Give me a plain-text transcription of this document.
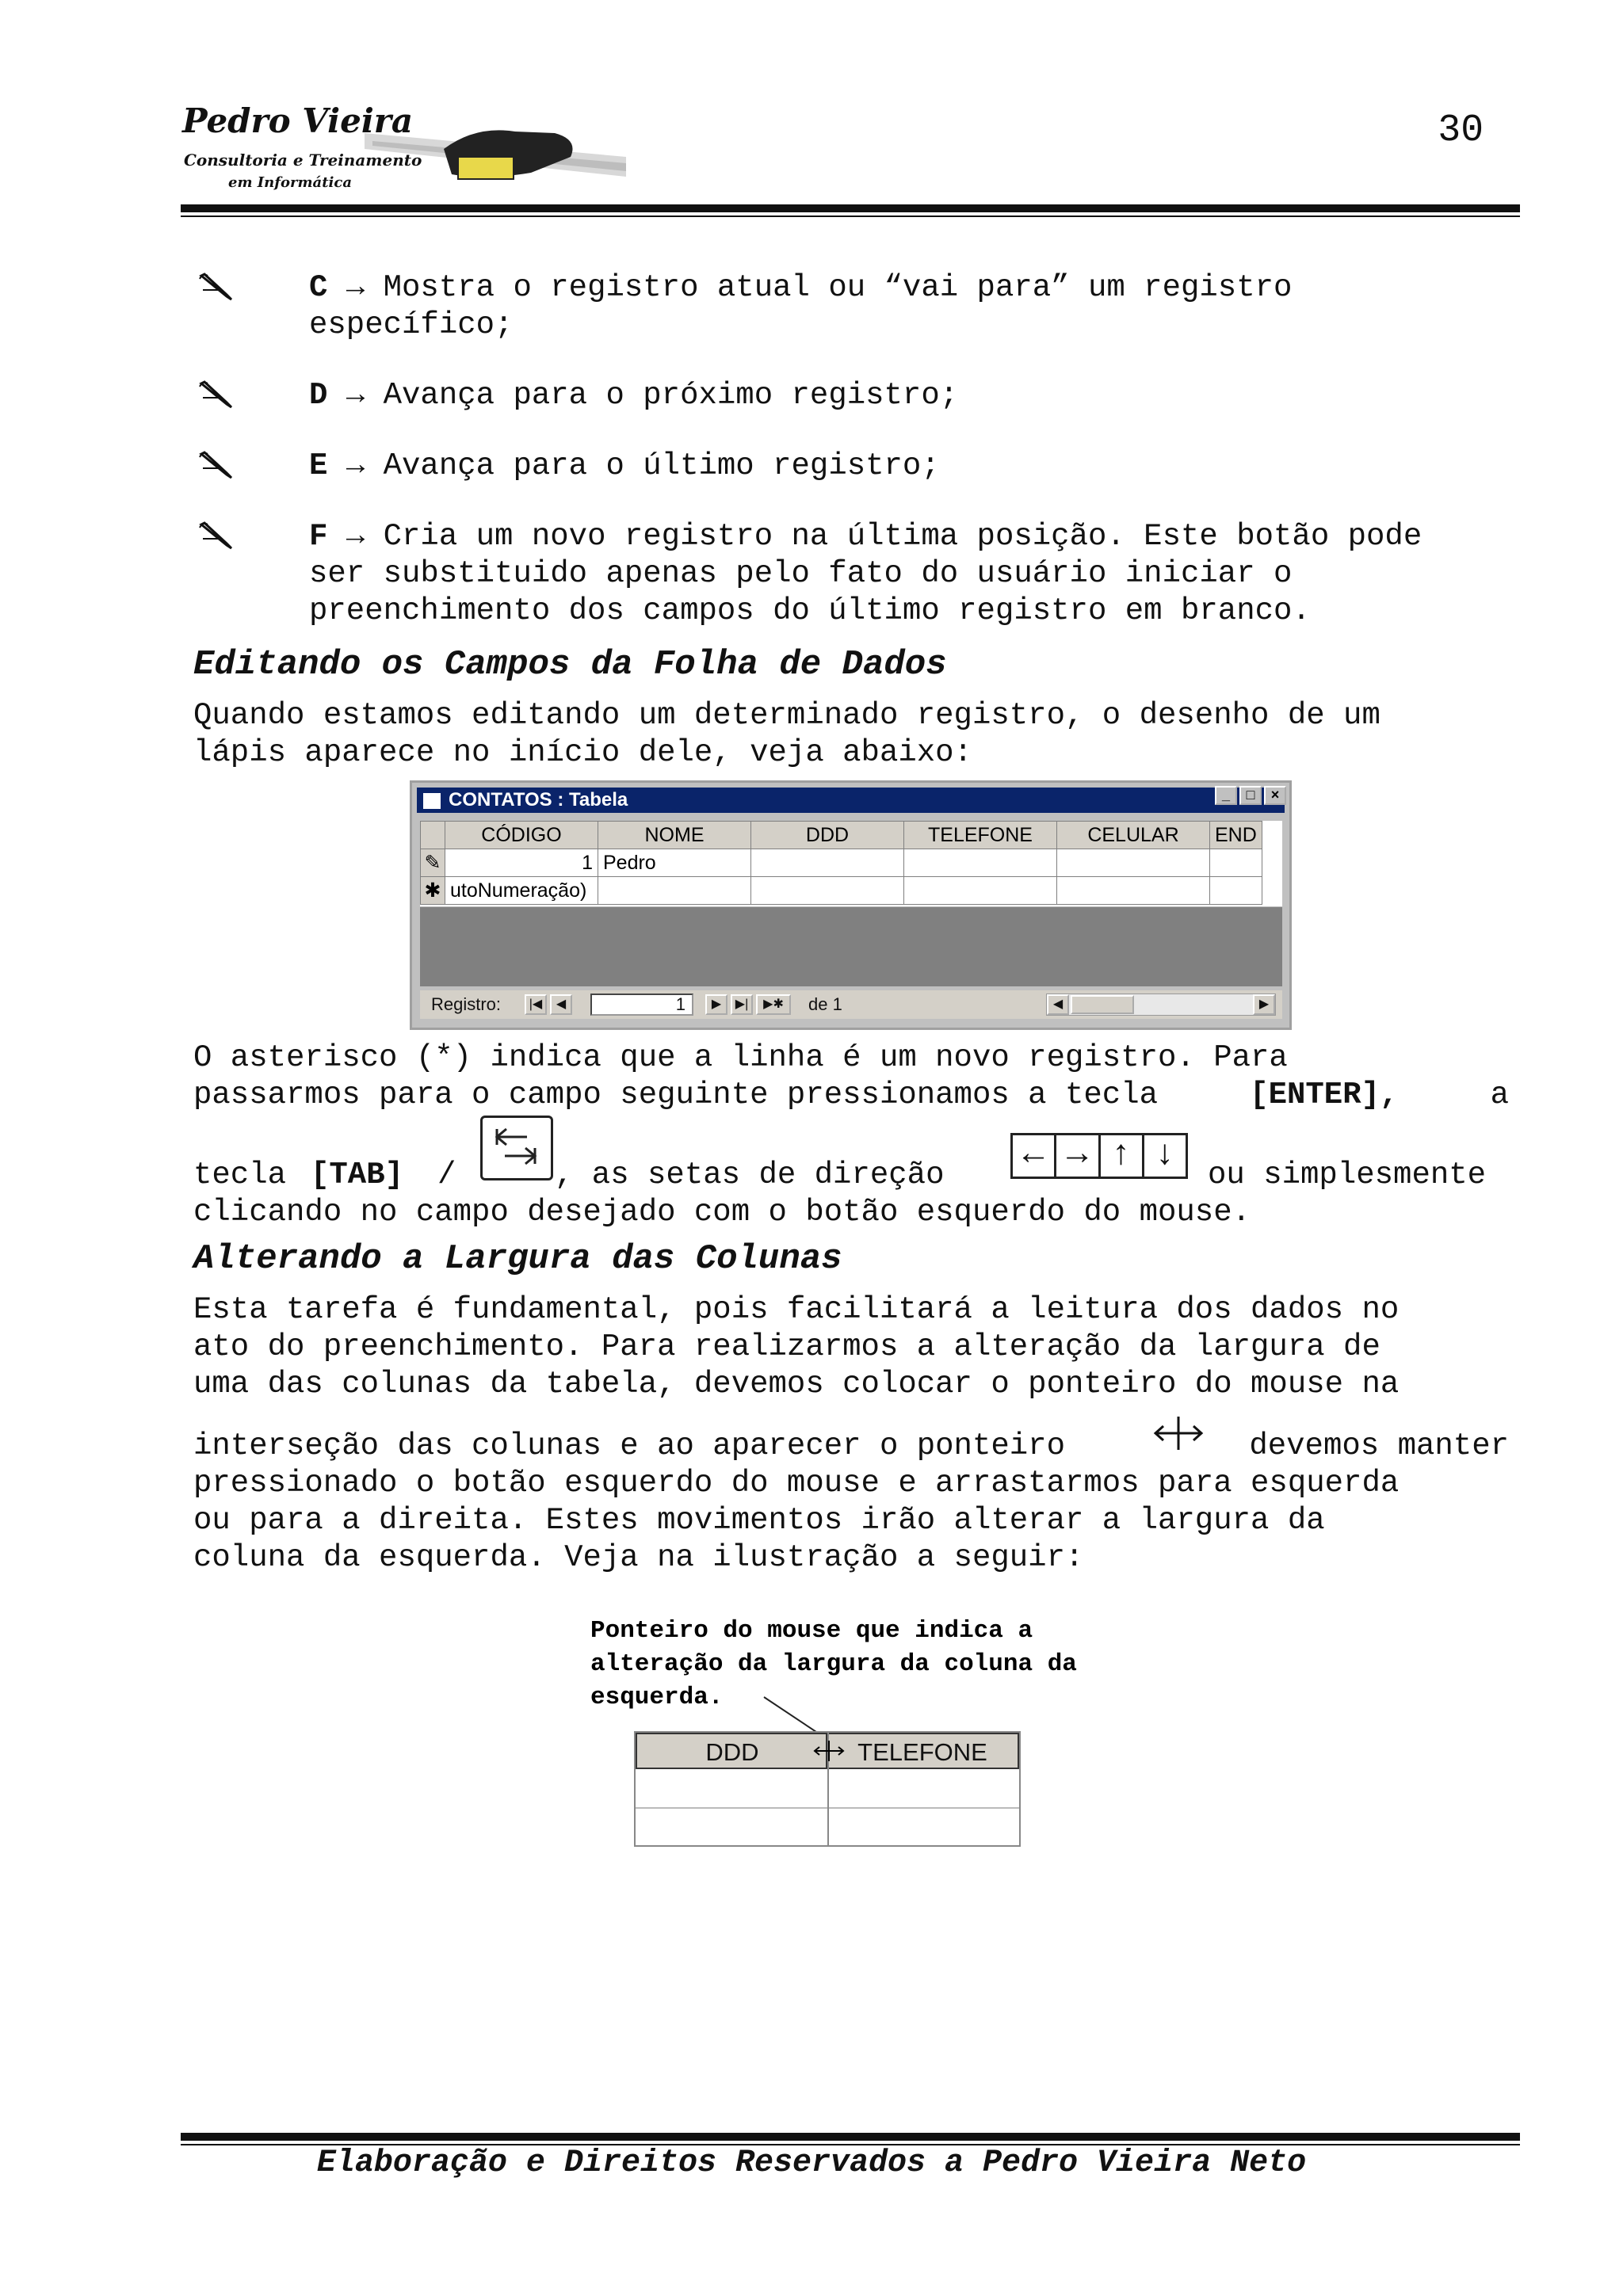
Pedro Vieira
Consultoria e Treinamento
em Informática
30
C → Mostra o registro atual ou “vai para” um registro
específico;
D → Avança para o próximo registro;
E → Avança para o último registro;
F → Cria um novo registro na última posição. Este botão pode
ser substituido apenas pelo fato do usuário iniciar o
preenchimento dos campos do último registro em branco.
Editando os Campos da Folha de Dados
Quando estamos editando um determinado registro, o desenho de um
lápis aparece no início dele, veja abaixo:
CONTATOS : Tabela	_	□	×
	CÓDIGO	NOME	DDD	TELEFONE	CELULAR	END
✎	1	Pedro				
✱	utoNumeração)					
Registro:	|◀	◀	1	▶	▶|	▶✱	de 1	◀	▶
O asterisco (*) indica que a linha é um novo registro. Para
passarmos para o campo seguinte pressionamos a tecla	[ENTER],	a
tecla [TAB] /	, as setas de direção	ou simplesmente
clicando no campo desejado com o botão esquerdo do mouse.
← → ↑ ↓
Alterando a Largura das Colunas
Esta tarefa é fundamental, pois facilitará a leitura dos dados no
ato do preenchimento. Para realizarmos a alteração da largura de
uma das colunas da tabela, devemos colocar o ponteiro do mouse na
interseção das colunas e ao aparecer o ponteiro	devemos manter
pressionado o botão esquerdo do mouse e arrastarmos para esquerda
ou para a direita. Estes movimentos irão alterar a largura da
coluna da esquerda. Veja na ilustração a seguir:
Ponteiro do mouse que indica a
alteração da largura da coluna da
esquerda.
DDD	TELEFONE
Elaboração e Direitos Reservados a Pedro Vieira Neto
